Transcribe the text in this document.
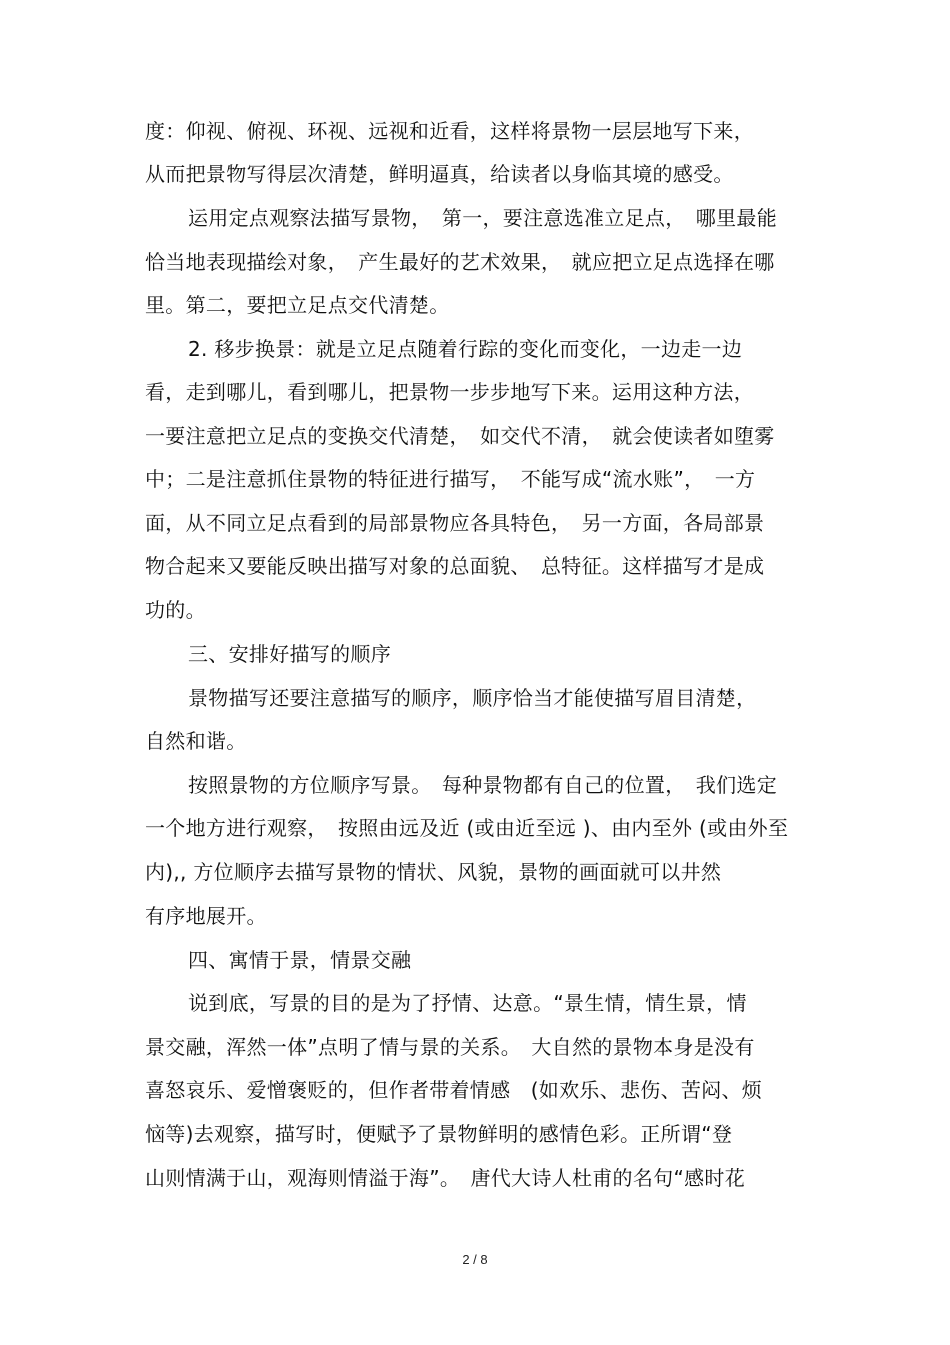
度：仰视、俯视、环视、远视和近看，这样将景物一层层地写下来，
从而把景物写得层次清楚，鲜明逼真，给读者以身临其境的感受。
运用定点观察法描写景物，　第一，要注意选准立足点，　哪里最能
恰当地表现描绘对象，　产生最好的艺术效果，　就应把立足点选择在哪
里。第二，要把立足点交代清楚。
2. 移步换景：就是立足点随着行踪的变化而变化，一边走一边
看，走到哪儿，看到哪儿，把景物一步步地写下来。运用这种方法，
一要注意把立足点的变换交代清楚，　如交代不清，　就会使读者如堕雾
中；二是注意抓住景物的特征进行描写，　不能写成“流水账”，　一方
面，从不同立足点看到的局部景物应各具特色，　另一方面，各局部景
物合起来又要能反映出描写对象的总面貌、　总特征。这样描写才是成
功的。
三、安排好描写的顺序
景物描写还要注意描写的顺序，顺序恰当才能使描写眉目清楚，
自然和谐。
按照景物的方位顺序写景。　每种景物都有自己的位置，　我们选定
一个地方进行观察，　按照由远及近 (或由近至远 )、由内至外 (或由外至
内),, 方位顺序去描写景物的情状、风貌，景物的画面就可以井然
有序地展开。
四、寓情于景，情景交融
说到底，写景的目的是为了抒情、达意。“景生情，情生景，情
景交融，浑然一体”点明了情与景的关系。　大自然的景物本身是没有
喜怒哀乐、爱憎褒贬的，但作者带着情感　(如欢乐、悲伤、苦闷、烦
恼等)去观察，描写时，便赋予了景物鲜明的感情色彩。正所谓“登
山则情满于山，观海则情溢于海”。　唐代大诗人杜甫的名句“感时花
2 / 8
